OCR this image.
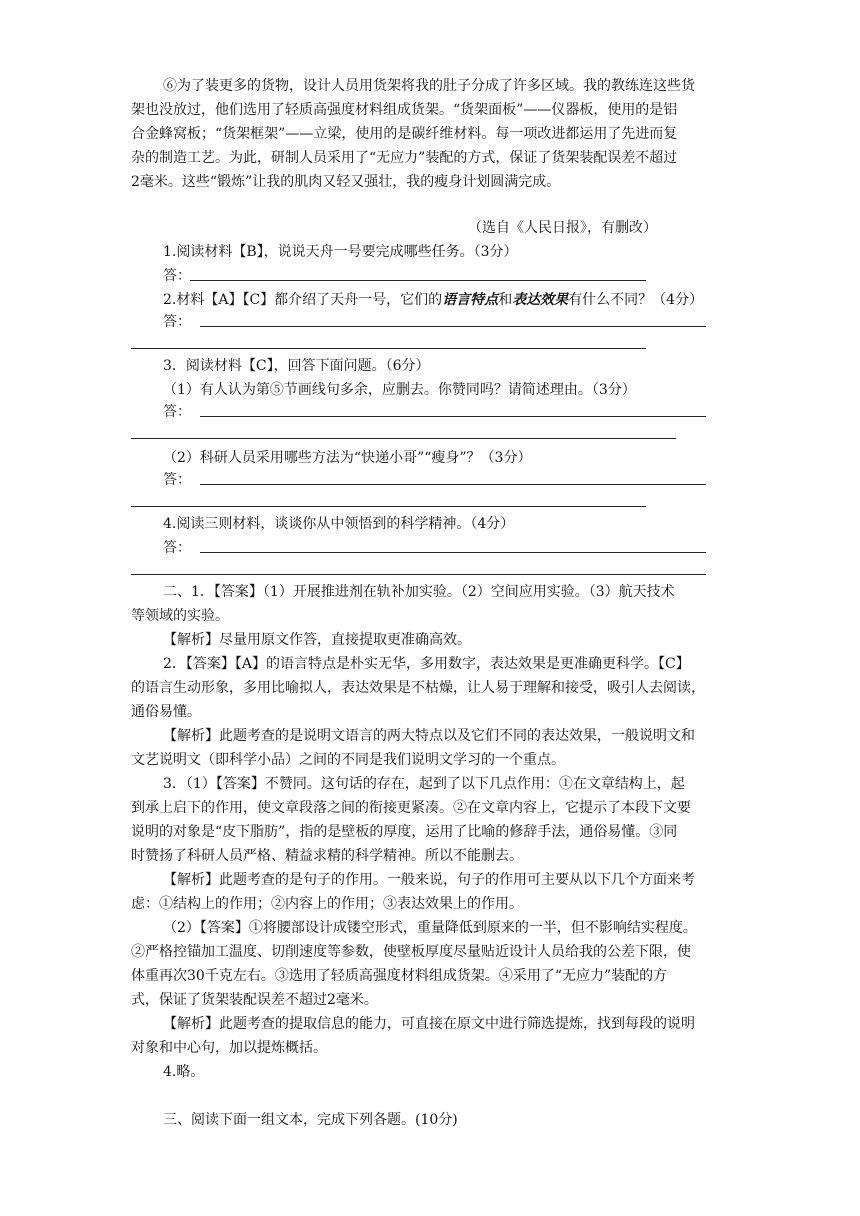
⑥为了装更多的货物，设计人员用货架将我的肚子分成了许多区域。我的教练连这些货
架也没放过，他们选用了轻质高强度材料组成货架。“货架面板”——仪器板，使用的是铝
合金蜂窝板；“货架框架”——立梁，使用的是碳纤维材料。每一项改进都运用了先进而复
杂的制造工艺。为此，研制人员采用了“无应力”装配的方式，保证了货架装配误差不超过
2毫米。这些“锻炼”让我的肌肉又轻又强壮，我的瘦身计划圆满完成。
（选自《人民日报》，有删改）
1.阅读材料【B】，说说天舟一号要完成哪些任务。（3分）
答：
2.材料【A】【C】都介绍了天舟一号，它们的语言特点和表达效果有什么不同？（4分）
答：
3．阅读材料【C】，回答下面问题。（6分）
（1）有人认为第⑤节画线句多余，应删去。你赞同吗？请简述理由。（3分）
答：
（2）科研人员采用哪些方法为“快递小哥”“瘦身”？（3分）
答：
4.阅读三则材料，谈谈你从中领悟到的科学精神。（4分）
答：
二、1．【答案】（1）开展推进剂在轨补加实验。（2）空间应用实验。（3）航天技术
等领域的实验。
【解析】尽量用原文作答，直接提取更准确高效。
2．【答案】【A】的语言特点是朴实无华，多用数字，表达效果是更准确更科学。【C】
的语言生动形象，多用比喻拟人，表达效果是不枯燥，让人易于理解和接受，吸引人去阅读，
通俗易懂。
【解析】此题考查的是说明文语言的两大特点以及它们不同的表达效果，一般说明文和
文艺说明文（即科学小品）之间的不同是我们说明文学习的一个重点。
3．（1）【答案】不赞同。这句话的存在，起到了以下几点作用：①在文章结构上，起
到承上启下的作用，使文章段落之间的衔接更紧凑。②在文章内容上，它提示了本段下文要
说明的对象是“皮下脂肪”，指的是壁板的厚度，运用了比喻的修辞手法，通俗易懂。③同
时赞扬了科研人员严格、精益求精的科学精神。所以不能删去。
【解析】此题考查的是句子的作用。一般来说，句子的作用可主要从以下几个方面来考
虑：①结构上的作用；②内容上的作用；③表达效果上的作用。
（2）【答案】①将腰部设计成镂空形式，重量降低到原来的一半，但不影响结实程度。
②严格控锚加工温度、切削速度等参数，使壁板厚度尽量贴近设计人员给我的公差下限，使
体重再次30千克左右。③选用了轻质高强度材料组成货架。④采用了“无应力”装配的方
式，保证了货架装配误差不超过2毫米。
【解析】此题考查的提取信息的能力，可直接在原文中进行筛选提炼，找到每段的说明
对象和中心句，加以提炼概括。
4.略。
三、阅读下面一组文本，完成下列各题。(10分)
